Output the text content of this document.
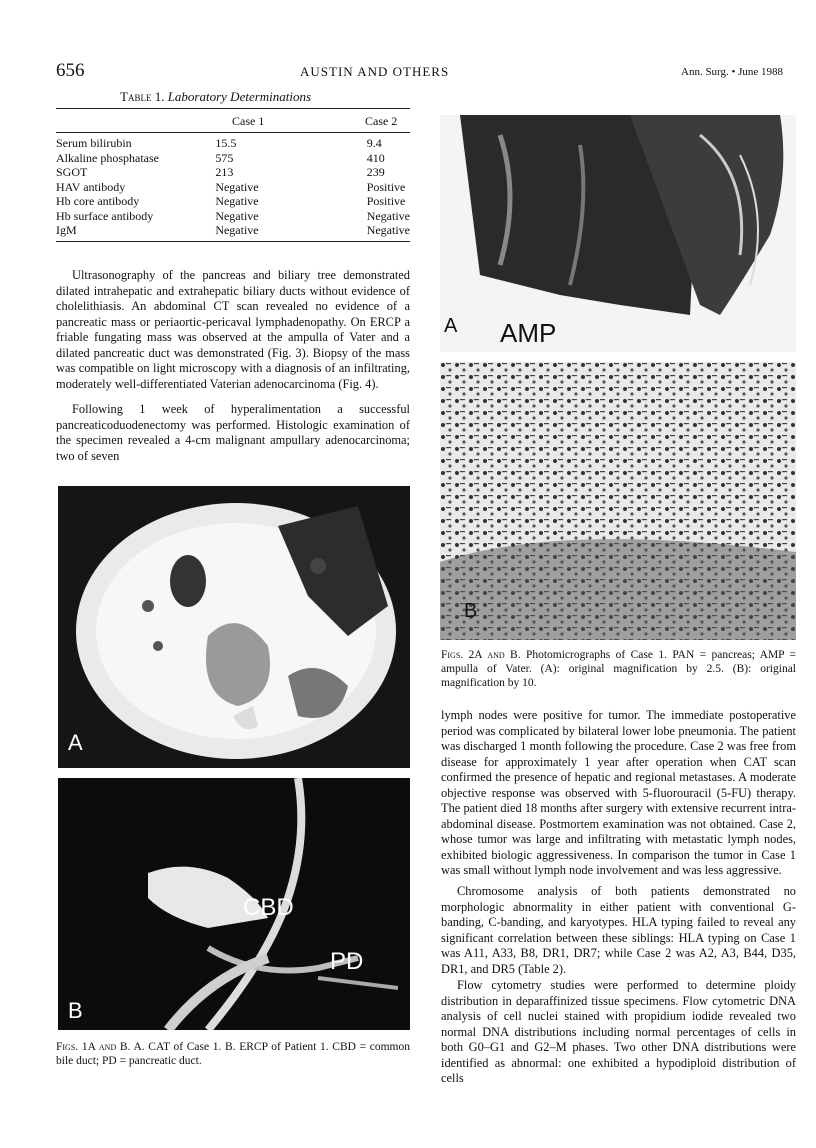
656	AUSTIN AND OTHERS	Ann. Surg. • June 1988
Table 1. Laboratory Determinations
Case 1	Case 2
Serum bilirubin	15.5	9.4
Alkaline phosphatase	575	410
SGOT	213	239
HAV antibody	Negative	Positive
Hb core antibody	Negative	Positive
Hb surface antibody	Negative	Negative
IgM	Negative	Negative
Ultrasonography of the pancreas and biliary tree demonstrated dilated intrahepatic and extrahepatic biliary ducts without evidence of cholelithiasis. An abdominal CT scan revealed no evidence of a pancreatic mass or periaortic-pericaval lymphadenopathy. On ERCP a friable fungating mass was observed at the ampulla of Vater and a dilated pancreatic duct was demonstrated (Fig. 3). Biopsy of the mass was compatible on light microscopy with a diagnosis of an infiltrating, moderately well-differentiated Vaterian adenocarcinoma (Fig. 4).
Following 1 week of hyperalimentation a successful pancreaticoduodenectomy was performed. Histologic examination of the specimen revealed a 4-cm malignant ampullary adenocarcinoma; two of seven
A
CBD
PD
B
Figs. 1A and B. A. CAT of Case 1. B. ERCP of Patient 1. CBD = common bile duct; PD = pancreatic duct.
A AMP
B
Figs. 2A and B. Photomicrographs of Case 1. PAN = pancreas; AMP = ampulla of Vater. (A): original magnification by 2.5. (B): original magnification by 10.
lymph nodes were positive for tumor. The immediate postoperative period was complicated by bilateral lower lobe pneumonia. The patient was discharged 1 month following the procedure. Case 2 was free from disease for approximately 1 year after operation when CAT scan confirmed the presence of hepatic and regional metastases. A moderate objective response was observed with 5-fluorouracil (5-FU) therapy. The patient died 18 months after surgery with extensive recurrent intra-abdominal disease. Postmortem examination was not obtained. Case 2, whose tumor was large and infiltrating with metastatic lymph nodes, exhibited biologic aggressiveness. In comparison the tumor in Case 1 was small without lymph node involvement and was less aggressive.
Chromosome analysis of both patients demonstrated no morphologic abnormality in either patient with conventional G-banding, C-banding, and karyotypes. HLA typing failed to reveal any significant correlation between these siblings: HLA typing on Case 1 was A11, A33, B8, DR1, DR7; while Case 2 was A2, A3, B44, D35, DR1, and DR5 (Table 2).
Flow cytometry studies were performed to determine ploidy distribution in deparaffinized tissue specimens. Flow cytometric DNA analysis of cell nuclei stained with propidium iodide revealed two normal DNA distributions including normal percentages of cells in both G0–G1 and G2–M phases. Two other DNA distributions were identified as abnormal: one exhibited a hypodiploid distribution of cells
